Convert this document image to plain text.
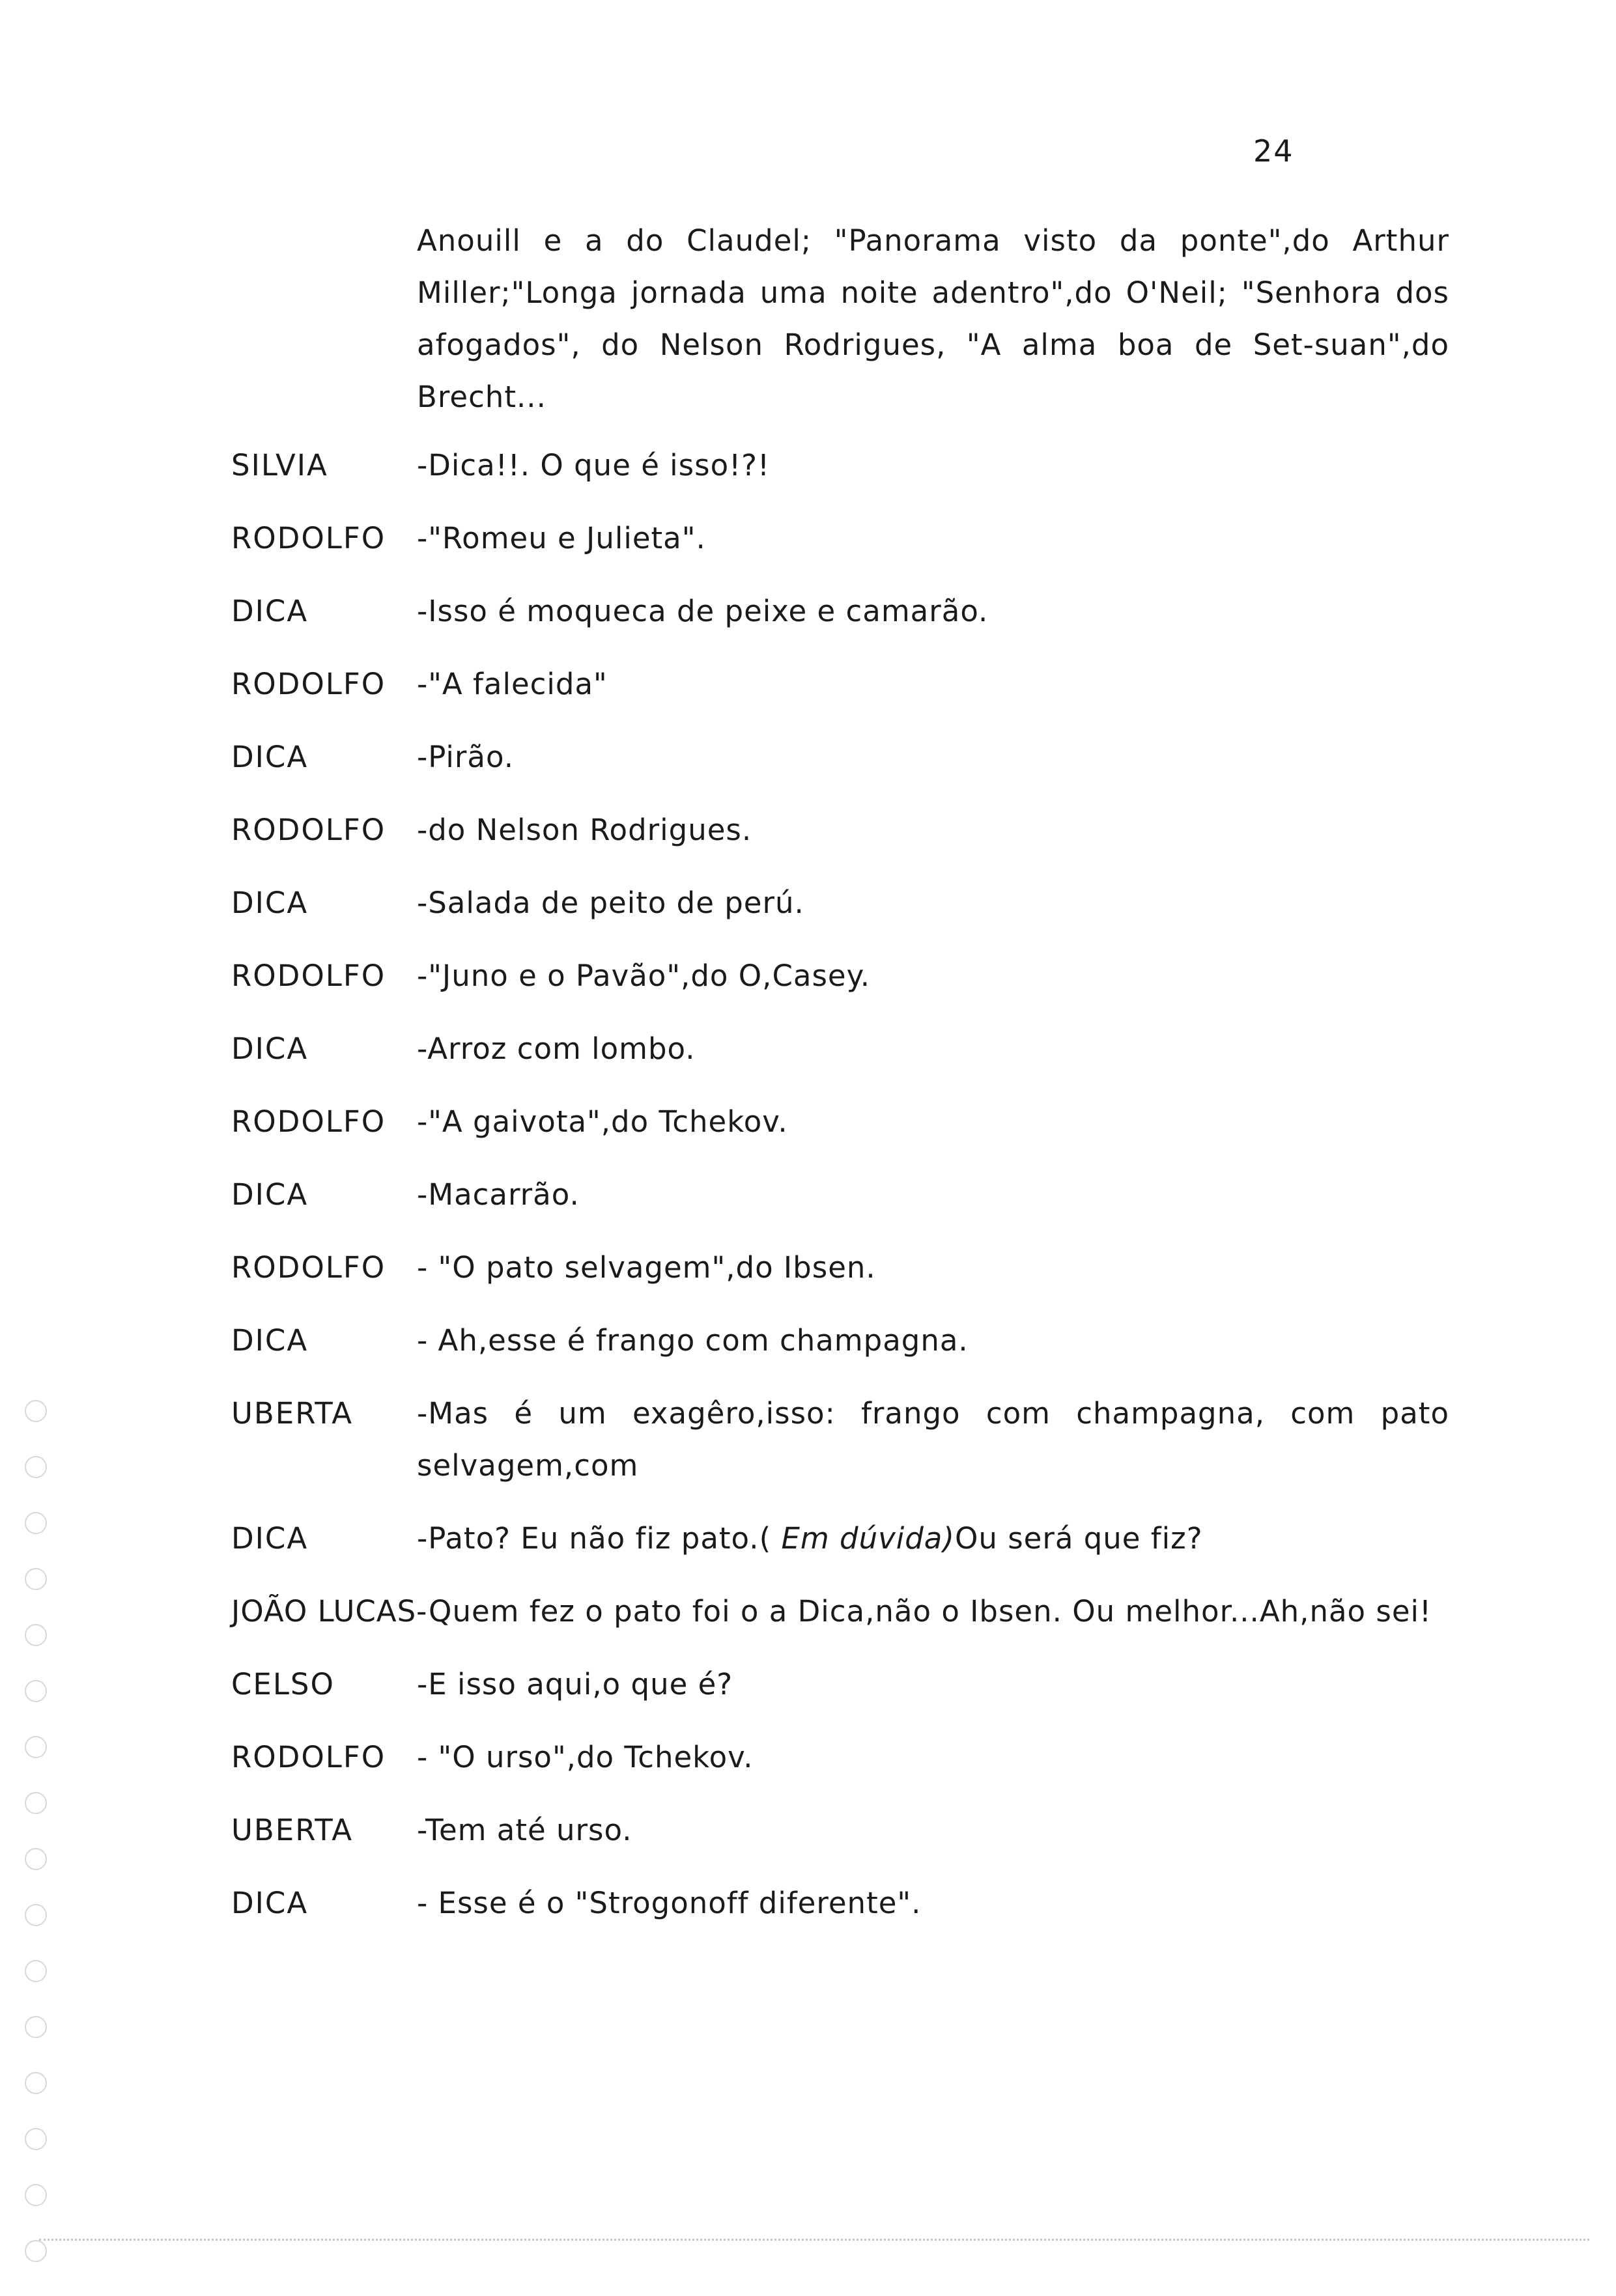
24
Anouill e a do Claudel; "Panorama visto da ponte",do Arthur Miller;"Longa jornada uma noite adentro",do O'Neil; "Senhora dos afogados", do Nelson Rodrigues, "A alma boa de Set-suan",do Brecht...
SILVIA	-Dica!!. O que é isso!?!
RODOLFO	-"Romeu e Julieta".
DICA	-Isso é moqueca de peixe e camarão.
RODOLFO	-"A falecida"
DICA	-Pirão.
RODOLFO	-do Nelson Rodrigues.
DICA	-Salada de peito de perú.
RODOLFO	-"Juno e o Pavão",do O,Casey.
DICA	-Arroz com lombo.
RODOLFO	-"A gaivota",do Tchekov.
DICA	-Macarrão.
RODOLFO	- "O pato selvagem",do Ibsen.
DICA	- Ah,esse é frango com champagna.
UBERTA	-Mas é um exagêro,isso: frango com champagna, com pato selvagem,com
DICA	-Pato? Eu não fiz pato.( Em dúvida)Ou será que fiz?
JOÃO LUCAS-Quem fez o pato foi o a Dica,não o Ibsen. Ou melhor...Ah,não sei!
CELSO	-E isso aqui,o que é?
RODOLFO	- "O urso",do Tchekov.
UBERTA	-Tem até urso.
DICA	- Esse é o "Strogonoff diferente".
